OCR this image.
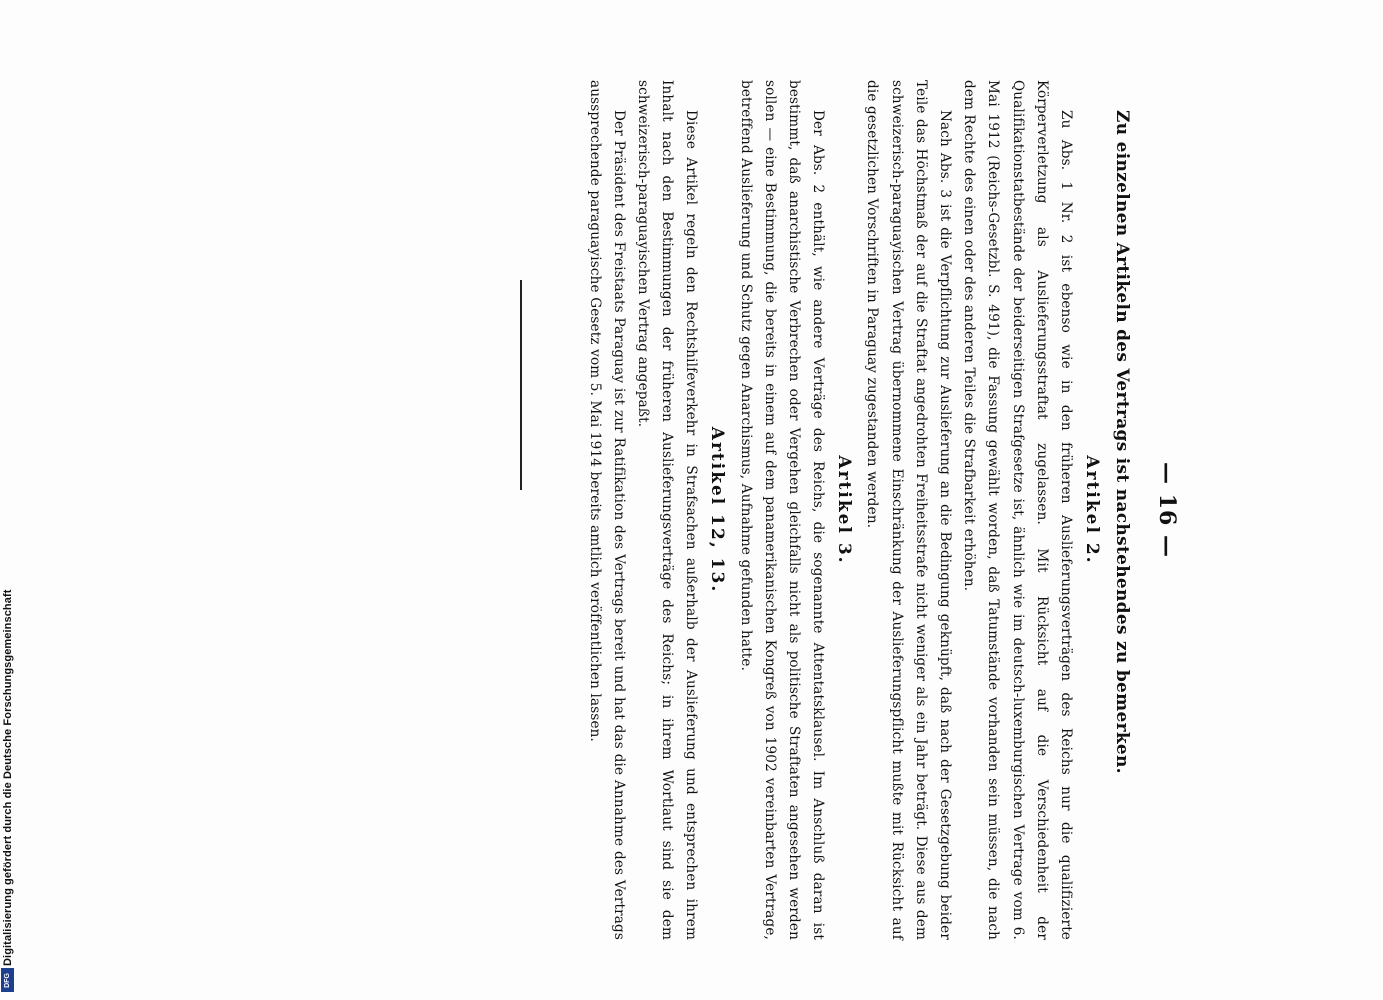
— 16 —
Zu einzelnen Artikeln des Vertrags ist nachstehendes zu bemerken.
Artikel 2.

Zu Abs. 1 Nr. 2 ist ebenso wie in den früheren Auslieferungsverträgen des Reichs nur die qualifizierte Körperverletzung als Auslieferungsstraftat zugelassen. Mit Rücksicht auf die Verschiedenheit der Qualifikationstatbestände der beiderseitigen Strafgesetze ist, ähnlich wie im deutsch-luxemburgischen Vertrage vom 6. Mai 1912 (Reichs-Gesetzbl. S. 491), die Fassung gewählt worden, daß Tatumstände vorhanden sein müssen, die nach dem Rechte des einen oder des anderen Teiles die Strafbarkeit erhöhen.

Nach Abs. 3 ist die Verpflichtung zur Auslieferung an die Bedingung geknüpft, daß nach der Gesetzgebung beider Teile das Höchstmaß der auf die Straftat angedrohten Freiheitsstrafe nicht weniger als ein Jahr beträgt. Diese aus dem schweizerisch-paraguayischen Vertrag übernommene Einschränkung der Auslieferungspflicht mußte mit Rücksicht auf die gesetzlichen Vorschriften in Paraguay zugestanden werden.

Artikel 3.

Der Abs. 2 enthält, wie andere Verträge des Reichs, die sogenannte Attentatsklausel. Im Anschluß daran ist bestimmt, daß anarchistische Verbrechen oder Vergehen gleichfalls nicht als politische Straftaten angesehen werden sollen — eine Bestimmung, die bereits in einem auf dem panamerikanischen Kongreß von 1902 vereinbarten Vertrage, betreffend Auslieferung und Schutz gegen Anarchismus, Aufnahme gefunden hatte.

Artikel 12, 13.

Diese Artikel regeln den Rechtshilfeverkehr in Strafsachen außerhalb der Auslieferung und entsprechen ihrem Inhalt nach den Bestimmungen der früheren Auslieferungsverträge des Reichs; in ihrem Wortlaut sind sie dem schweizerisch-paraguayischen Vertrag angepaßt.

Der Präsident des Freistaats Paraguay ist zur Ratifikation des Vertrags bereit und hat das die Annahme des Vertrags aussprechende paraguayische Gesetz vom 5. Mai 1914 bereits amtlich veröffentlichen lassen.

Digitalisierung gefördert durch die Deutsche Forschungsgemeinschaft
DFG
